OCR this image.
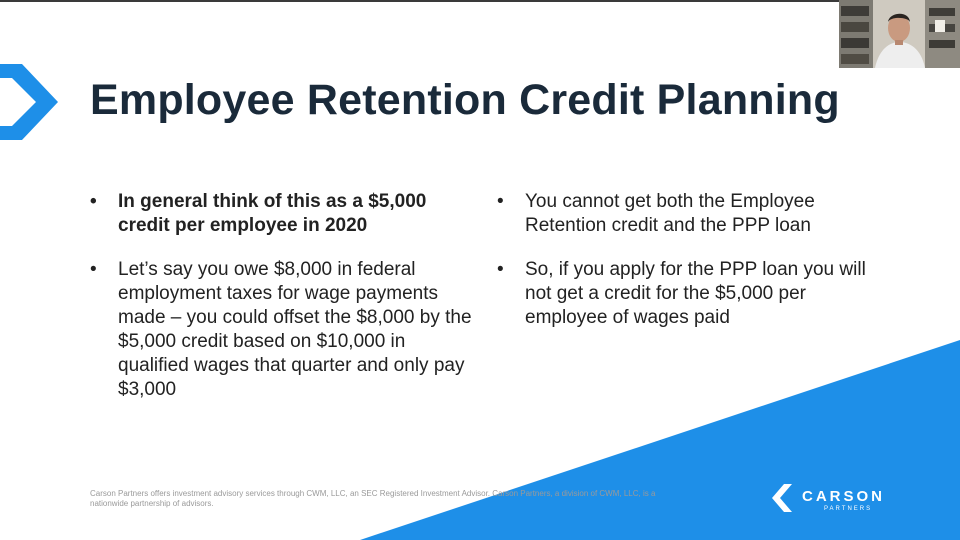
Employee Retention Credit Planning
• In general think of this as a $5,000 credit per employee in 2020
• Let’s say you owe $8,000 in federal employment taxes for wage payments made – you could offset the $8,000 by the $5,000 credit based on $10,000 in qualified wages that quarter and only pay $3,000
• You cannot get both the Employee Retention credit and the PPP loan
• So, if you apply for the PPP loan you will not get a credit for the $5,000 per employee of wages paid
Carson Partners offers investment advisory services through CWM, LLC, an SEC Registered Investment Advisor. Carson Partners, a division of CWM, LLC, is a nationwide partnership of advisors.	CARSON
PARTNERS
